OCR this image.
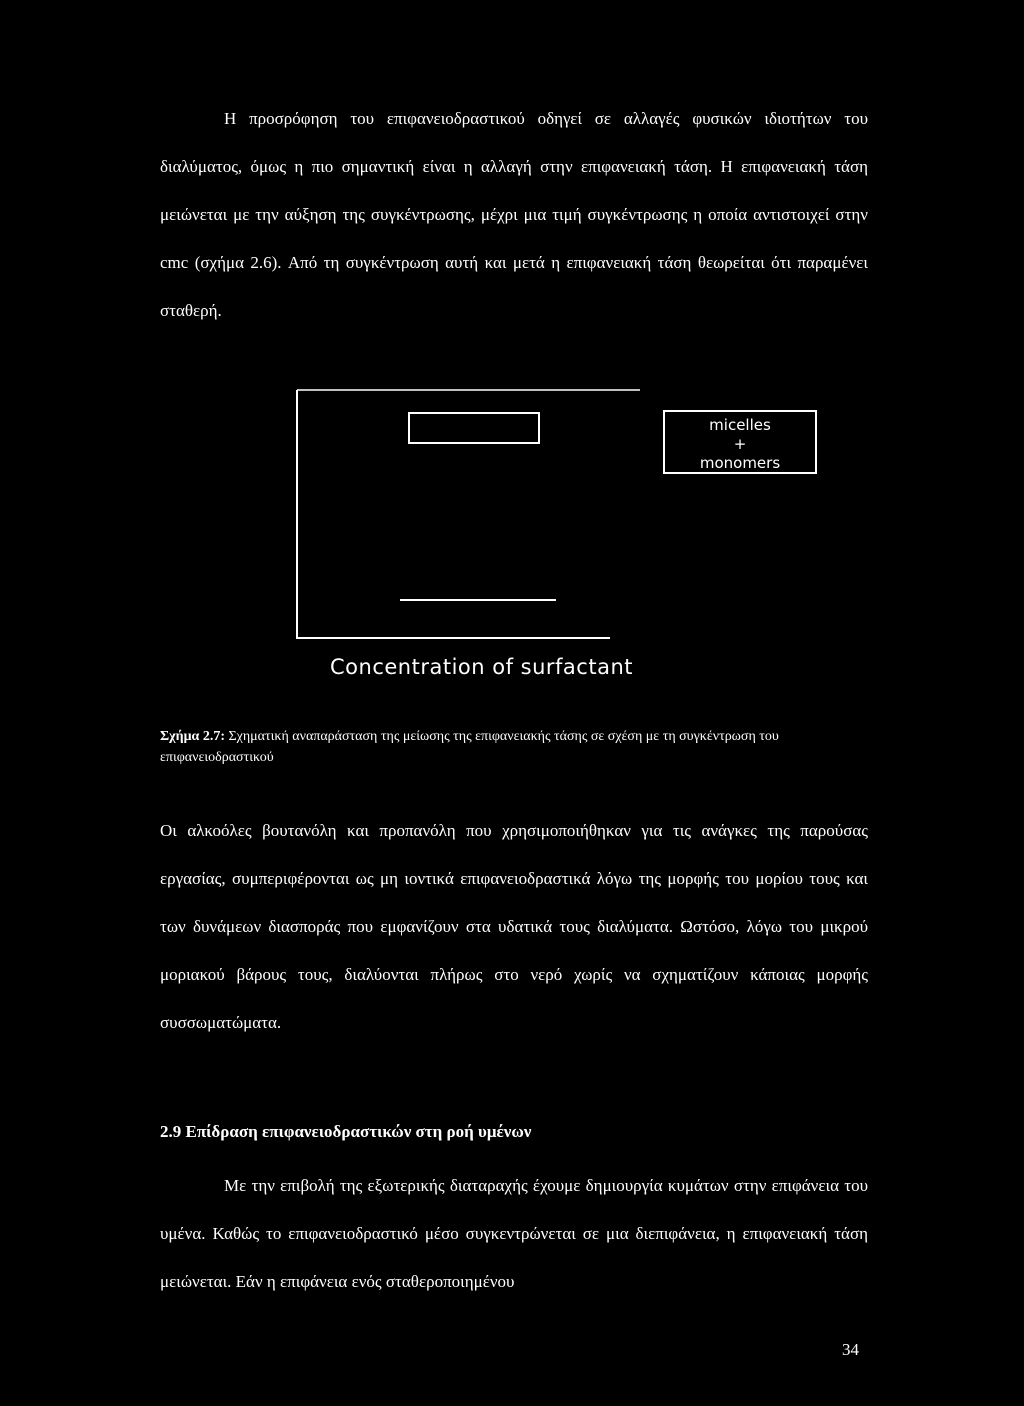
Η προσρόφηση του επιφανειοδραστικού οδηγεί σε αλλαγές φυσικών ιδιοτήτων του διαλύματος, όμως η πιο σημαντική είναι η αλλαγή στην επιφανειακή τάση. Η επιφανειακή τάση μειώνεται με την αύξηση της συγκέντρωσης, μέχρι μια τιμή συγκέντρωσης η οποία αντιστοιχεί στην cmc (σχήμα 2.6). Από τη συγκέντρωση αυτή και μετά η επιφανειακή τάση θεωρείται ότι παραμένει σταθερή.

micelles
+
monomers
Concentration of surfactant

Σχήμα 2.7: Σχηματική αναπαράσταση της μείωσης της επιφανειακής τάσης σε σχέση με τη συγκέντρωση του επιφανειοδραστικού

Οι αλκοόλες βουτανόλη και προπανόλη που χρησιμοποιήθηκαν για τις ανάγκες της παρούσας εργασίας, συμπεριφέρονται ως μη ιοντικά επιφανειοδραστικά λόγω της μορφής του μορίου τους και των δυνάμεων διασποράς που εμφανίζουν στα υδατικά τους διαλύματα. Ωστόσο, λόγω του μικρού μοριακού βάρους τους, διαλύονται πλήρως στο νερό χωρίς να σχηματίζουν κάποιας μορφής συσσωματώματα.

2.9 Επίδραση επιφανειοδραστικών στη ροή υμένων

Με την επιβολή της εξωτερικής διαταραχής έχουμε δημιουργία κυμάτων στην επιφάνεια του υμένα. Καθώς το επιφανειοδραστικό μέσο συγκεντρώνεται σε μια διεπιφάνεια, η επιφανειακή τάση μειώνεται. Εάν η επιφάνεια ενός σταθεροποιημένου

34
